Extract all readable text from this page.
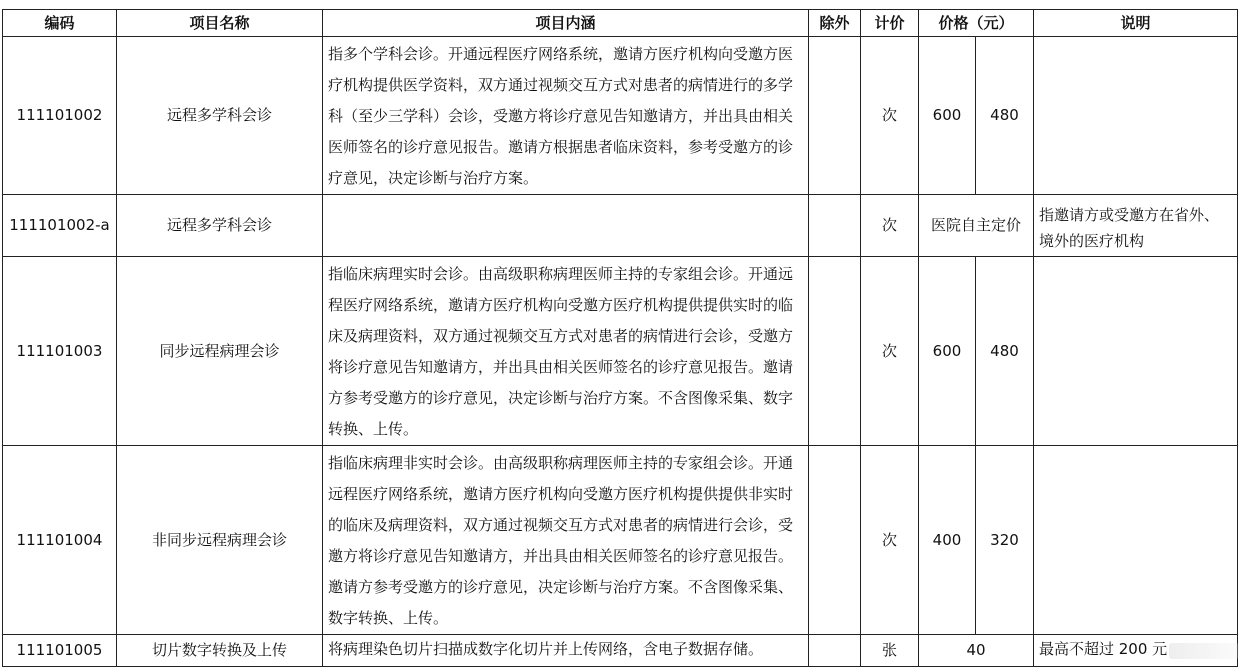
编码	项目名称	项目内涵	除外	计价	价格（元）		说明
111101002	远程多学科会诊	指多个学科会诊。开通远程医疗网络系统，邀请方医疗机构向受邀方医疗机构提供医学资料，双方通过视频交互方式对患者的病情进行的多学科（至少三学科）会诊，受邀方将诊疗意见告知邀请方，并出具由相关医师签名的诊疗意见报告。邀请方根据患者临床资料，参考受邀方的诊疗意见，决定诊断与治疗方案。		次	600	480	
111101002-a	远程多学科会诊			次	医院自主定价		指邀请方或受邀方在省外、境外的医疗机构
111101003	同步远程病理会诊	指临床病理实时会诊。由高级职称病理医师主持的专家组会诊。开通远程医疗网络系统，邀请方医疗机构向受邀方医疗机构提供提供实时的临床及病理资料，双方通过视频交互方式对患者的病情进行会诊，受邀方将诊疗意见告知邀请方，并出具由相关医师签名的诊疗意见报告。邀请方参考受邀方的诊疗意见，决定诊断与治疗方案。不含图像采集、数字转换、上传。		次	600	480	
111101004	非同步远程病理会诊	指临床病理非实时会诊。由高级职称病理医师主持的专家组会诊。开通远程医疗网络系统，邀请方医疗机构向受邀方医疗机构提供提供非实时的临床及病理资料，双方通过视频交互方式对患者的病情进行会诊，受邀方将诊疗意见告知邀请方，并出具由相关医师签名的诊疗意见报告。邀请方参考受邀方的诊疗意见，决定诊断与治疗方案。不含图像采集、数字转换、上传。		次	400	320	
111101005	切片数字转换及上传	将病理染色切片扫描成数字化切片并上传网络，含电子数据存储。		张	40		最高不超过 200 元
